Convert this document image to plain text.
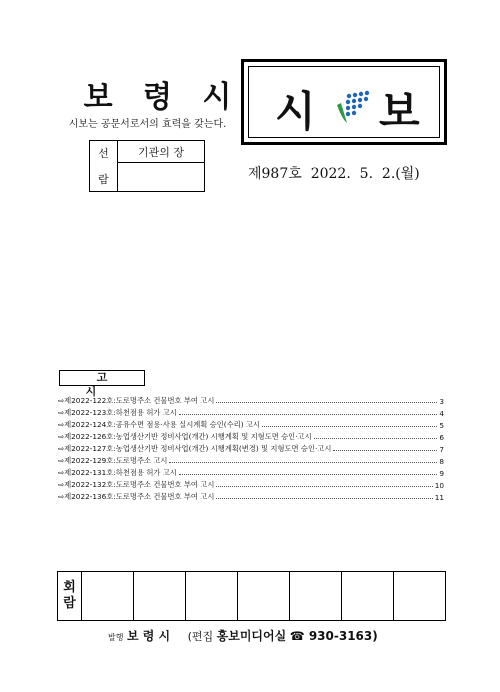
보 령 시
시보는 공문서로서의 효력을 갖는다.	시 보
선
람
	기관의 장

제987호 2022.  5.  2.(월)
고시
⇨제2022-122호:도로명주소 건물번호 부여 고시	3
⇨제2022-123호:하천점용 허가 고시	4
⇨제2022-124호:공유수면 점용·사용 실시계획 승인(수리) 고시	5
⇨제2022-126호:농업생산기반 정비사업(개간) 시행계획 및 지형도면 승인·고시	6
⇨제2022-127호:농업생산기반 정비사업(개간) 시행계획(변경) 및 지형도면 승인·고시	7
⇨제2022-129호:도로명주소 고시	8
⇨제2022-131호:하천점용 허가 고시	9
⇨제2022-132호:도로명주소 건물번호 부여 고시	10
⇨제2022-136호:도로명주소 건물번호 부여 고시	11
회
람

발행 보 령 시 (편집 홍보미디어실 ☎ 930-3163)
